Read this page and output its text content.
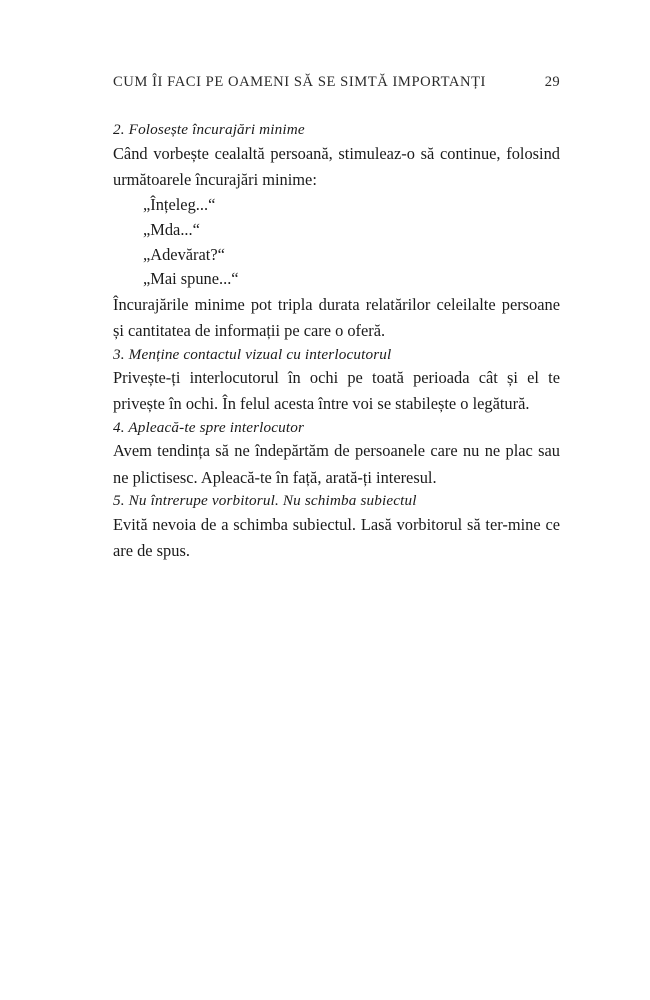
CUM ÎI FACI PE OAMENI SĂ SE SIMTĂ IMPORTANȚI	29
2. Folosește încurajări minime

Când vorbește cealaltă persoană, stimuleaz-o să continue, folosind următoarele încurajări minime:

„Înțeleg...“
„Mda...“
„Adevărat?“
„Mai spune...“

Încurajările minime pot tripla durata relatărilor celeilalte persoane și cantitatea de informații pe care o oferă.

3. Menține contactul vizual cu interlocutorul

Privește-ți interlocutorul în ochi pe toată perioada cât și el te privește în ochi. În felul acesta între voi se stabilește o legătură.

4. Apleacă-te spre interlocutor

Avem tendința să ne îndepărtăm de persoanele care nu ne plac sau ne plictisesc. Apleacă-te în față, arată-ți interesul.

5. Nu întrerupe vorbitorul. Nu schimba subiectul

Evită nevoia de a schimba subiectul. Lasă vorbitorul să ter-mine ce are de spus.
